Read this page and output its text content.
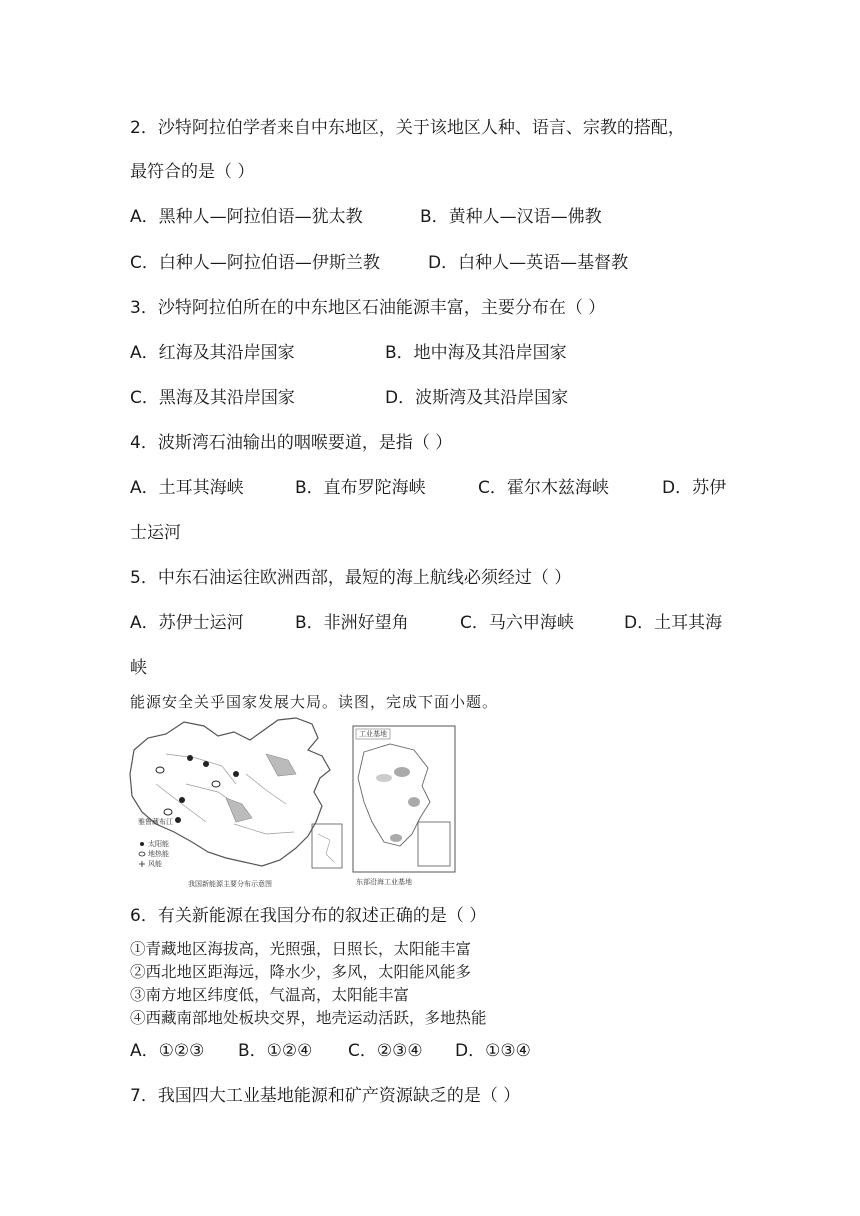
2．沙特阿拉伯学者来自中东地区，关于该地区人种、语言、宗教的搭配，
最符合的是（ ）
A．黑种人—阿拉伯语—犹太教	B．黄种人—汉语—佛教
C．白种人—阿拉伯语—伊斯兰教	D．白种人—英语—基督教
3．沙特阿拉伯所在的中东地区石油能源丰富，主要分布在（ ）
A．红海及其沿岸国家	B．地中海及其沿岸国家
C．黑海及其沿岸国家	D．波斯湾及其沿岸国家
4．波斯湾石油输出的咽喉要道，是指（ ）
A．土耳其海峡	B．直布罗陀海峡	C．霍尔木兹海峡	D．苏伊
士运河
5．中东石油运往欧洲西部，最短的海上航线必须经过（ ）
A．苏伊士运河	B．非洲好望角	C．马六甲海峡	D．土耳其海
峡
能源安全关乎国家发展大局。读图，完成下面小题。
雅鲁藏布江
太阳能
地热能
风能
我国新能源主要分布示意图
工业基地
东部沿海工业基地
6．有关新能源在我国分布的叙述正确的是（ ）
①青藏地区海拔高，光照强，日照长，太阳能丰富
②西北地区距海远，降水少，多风，太阳能风能多
③南方地区纬度低，气温高，太阳能丰富
④西藏南部地处板块交界，地壳运动活跃，多地热能
A．①②③ B．①②④ C．②③④ D．①③④
7．我国四大工业基地能源和矿产资源缺乏的是（ ）
